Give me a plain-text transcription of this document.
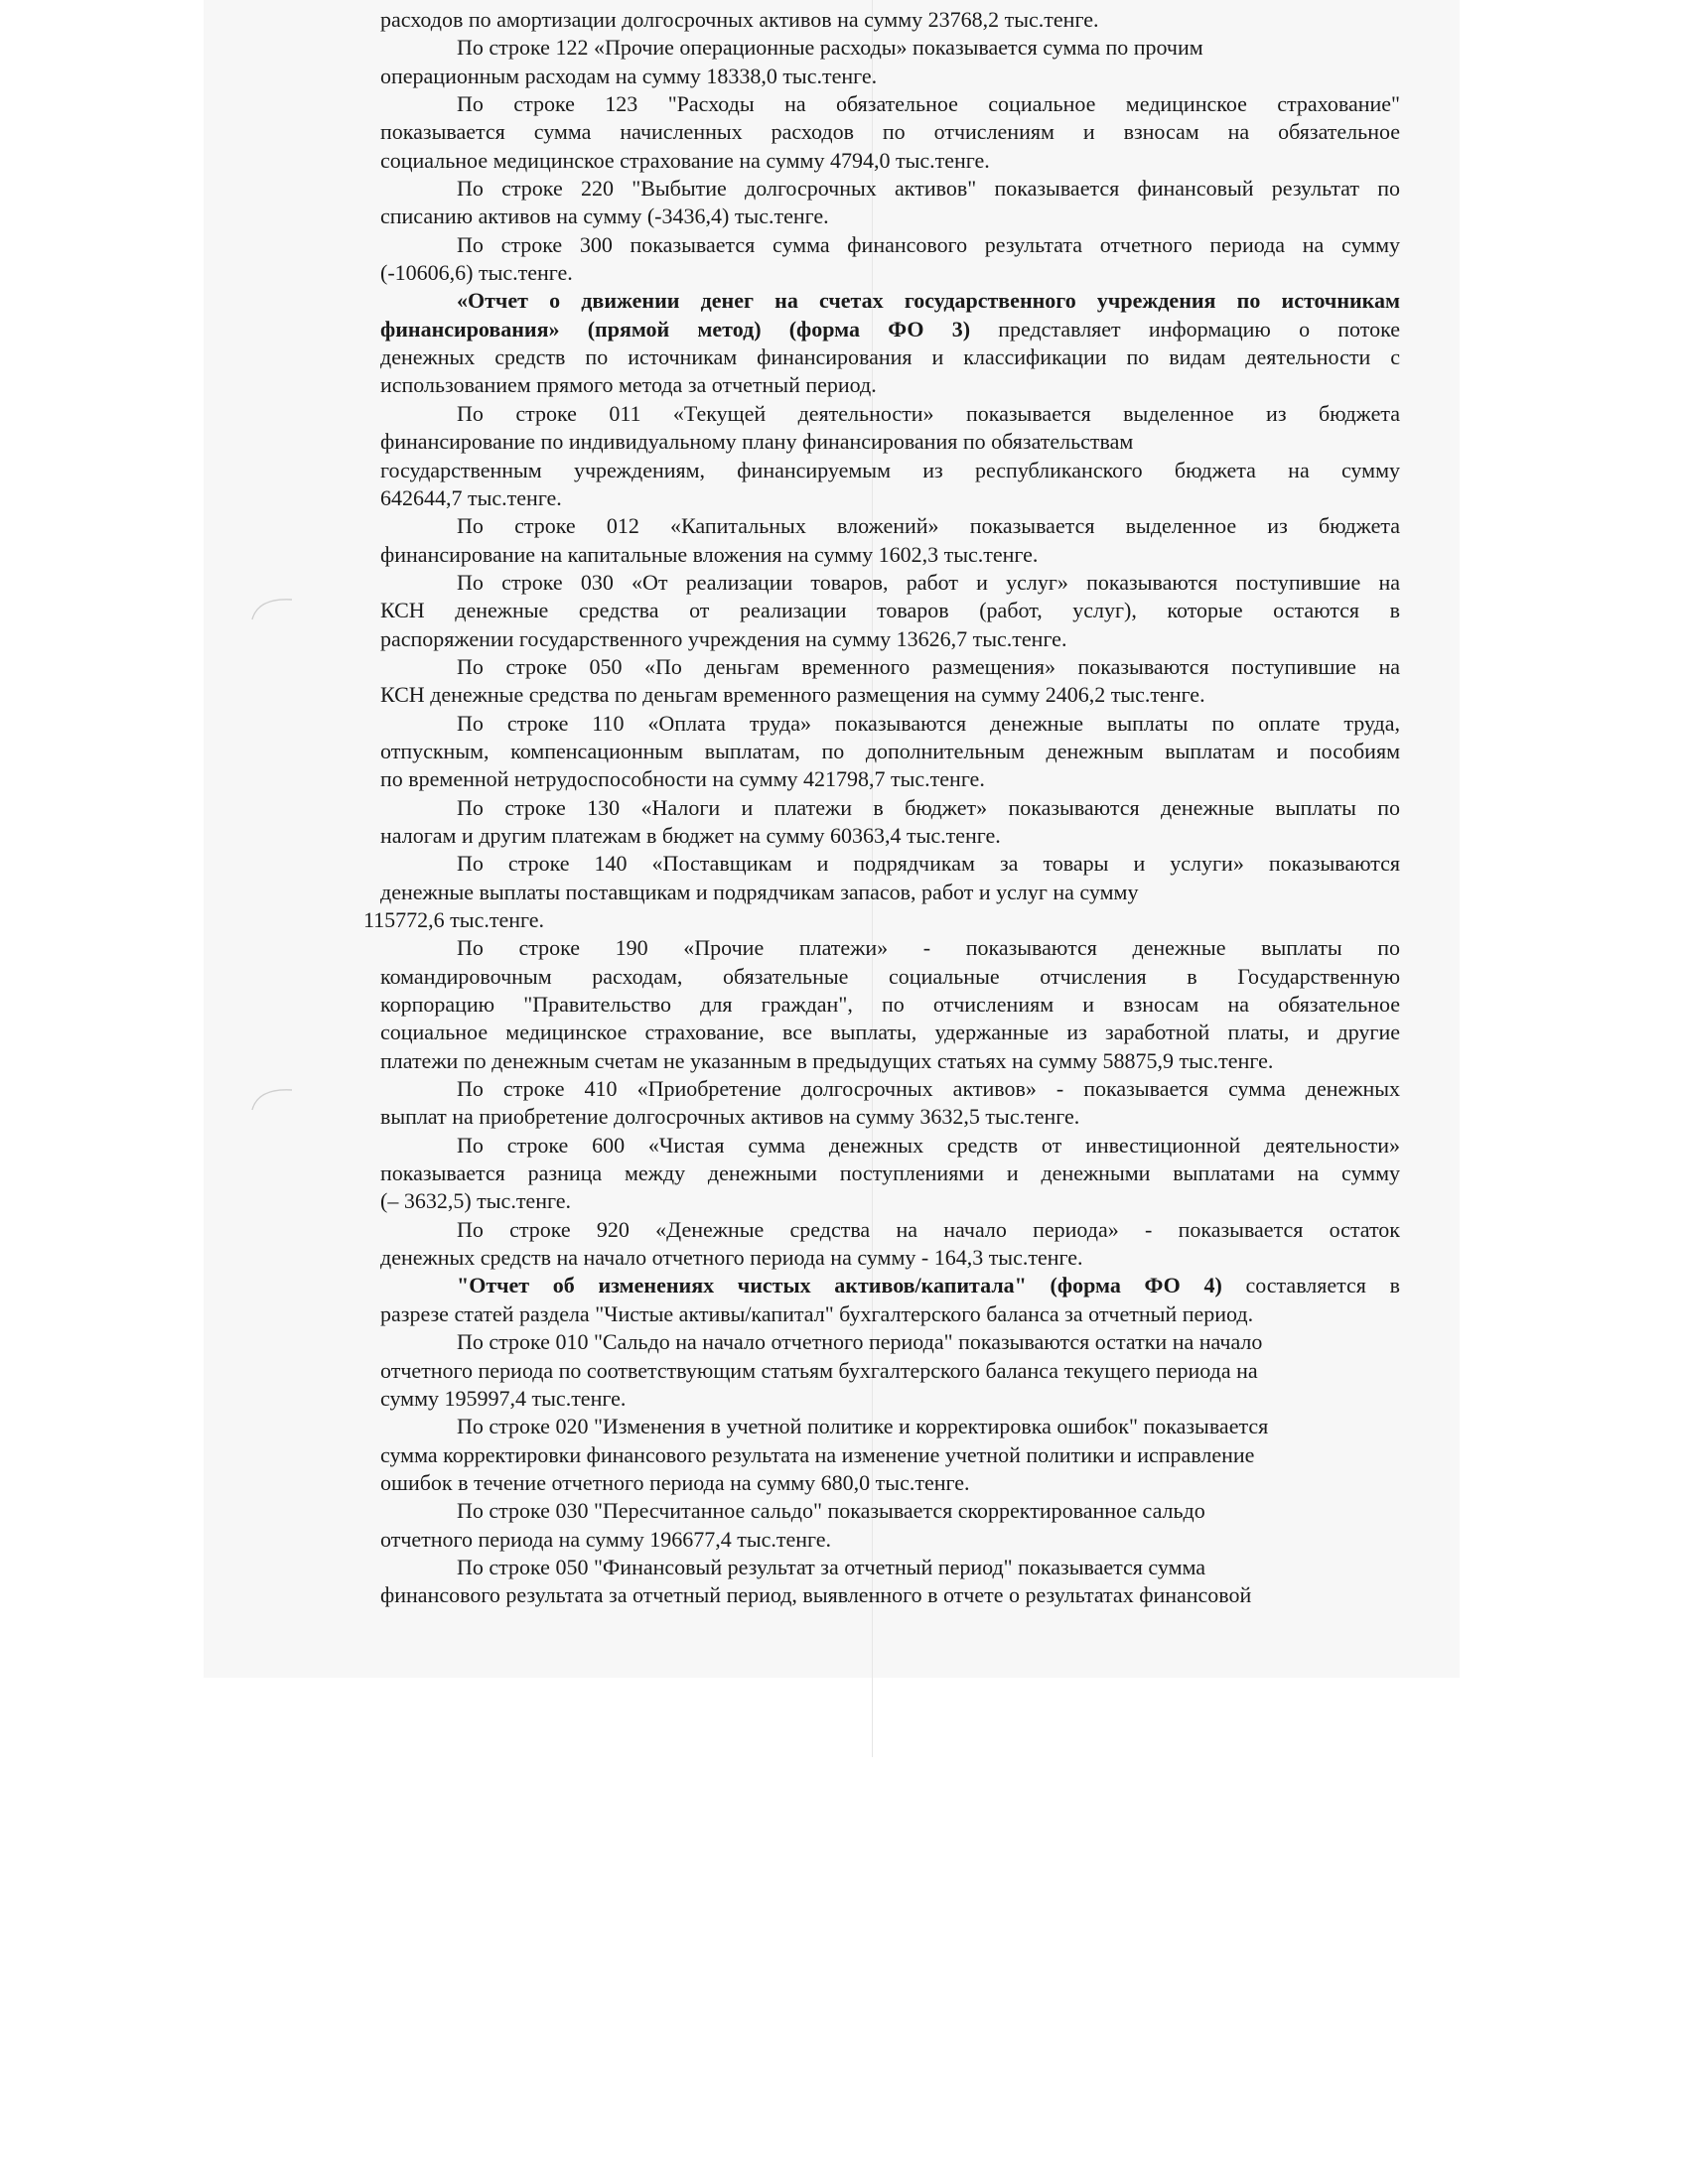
расходов по амортизации долгосрочных активов на сумму 23768,2 тыс.тенге.
По строке 122 «Прочие операционные расходы» показывается сумма по прочим
операционным расходам на сумму 18338,0 тыс.тенге.
По строке 123 "Расходы на обязательное социальное медицинское страхование"
показывается сумма начисленных расходов по отчислениям и взносам на обязательное
социальное медицинское страхование на сумму 4794,0 тыс.тенге.
По строке 220 "Выбытие долгосрочных активов" показывается финансовый результат по
списанию активов на сумму (-3436,4) тыс.тенге.
По строке 300 показывается сумма финансового результата отчетного периода на сумму
(-10606,6) тыс.тенге.
«Отчет о движении денег на счетах государственного учреждения по источникам
финансирования» (прямой метод) (форма ФО 3) представляет информацию о потоке
денежных средств по источникам финансирования и классификации по видам деятельности с
использованием прямого метода за отчетный период.
По строке 011 «Текущей деятельности» показывается выделенное из бюджета
финансирование по индивидуальному плану финансирования по обязательствам
государственным учреждениям, финансируемым из республиканского бюджета на сумму
642644,7 тыс.тенге.
По строке 012 «Капитальных вложений» показывается выделенное из бюджета
финансирование на капитальные вложения на сумму 1602,3 тыс.тенге.
По строке 030 «От реализации товаров, работ и услуг» показываются поступившие на
КСН денежные средства от реализации товаров (работ, услуг), которые остаются в
распоряжении государственного учреждения на сумму 13626,7 тыс.тенге.
По строке 050 «По деньгам временного размещения» показываются поступившие на
КСН денежные средства по деньгам временного размещения на сумму 2406,2 тыс.тенге.
По строке 110 «Оплата труда» показываются денежные выплаты по оплате труда,
отпускным, компенсационным выплатам, по дополнительным денежным выплатам и пособиям
по временной нетрудоспособности на сумму 421798,7 тыс.тенге.
По строке 130 «Налоги и платежи в бюджет» показываются денежные выплаты по
налогам и другим платежам в бюджет на сумму 60363,4 тыс.тенге.
По строке 140 «Поставщикам и подрядчикам за товары и услуги» показываются
денежные выплаты поставщикам и подрядчикам запасов, работ и услуг на сумму
115772,6 тыс.тенге.
По строке 190 «Прочие платежи» - показываются денежные выплаты по
командировочным расходам, обязательные социальные отчисления в Государственную
корпорацию "Правительство для граждан", по отчислениям и взносам на обязательное
социальное медицинское страхование, все выплаты, удержанные из заработной платы, и другие
платежи по денежным счетам не указанным в предыдущих статьях на сумму 58875,9 тыс.тенге.
По строке 410 «Приобретение долгосрочных активов» - показывается сумма денежных
выплат на приобретение долгосрочных активов на сумму 3632,5 тыс.тенге.
По строке 600 «Чистая сумма денежных средств от инвестиционной деятельности»
показывается разница между денежными поступлениями и денежными выплатами на сумму
(– 3632,5) тыс.тенге.
По строке 920 «Денежные средства на начало периода» - показывается остаток
денежных средств на начало отчетного периода на сумму - 164,3 тыс.тенге.
"Отчет об изменениях чистых активов/капитала" (форма ФО 4) составляется в
разрезе статей раздела "Чистые активы/капитал" бухгалтерского баланса за отчетный период.
По строке 010 "Сальдо на начало отчетного периода" показываются остатки на начало
отчетного периода по соответствующим статьям бухгалтерского баланса текущего периода на
сумму 195997,4 тыс.тенге.
По строке 020 "Изменения в учетной политике и корректировка ошибок" показывается
сумма корректировки финансового результата на изменение учетной политики и исправление
ошибок в течение отчетного периода на сумму 680,0 тыс.тенге.
По строке 030 "Пересчитанное сальдо" показывается скорректированное сальдо
отчетного периода на сумму 196677,4 тыс.тенге.
По строке 050 "Финансовый результат за отчетный период" показывается сумма
финансового результата за отчетный период, выявленного в отчете о результатах финансовой
